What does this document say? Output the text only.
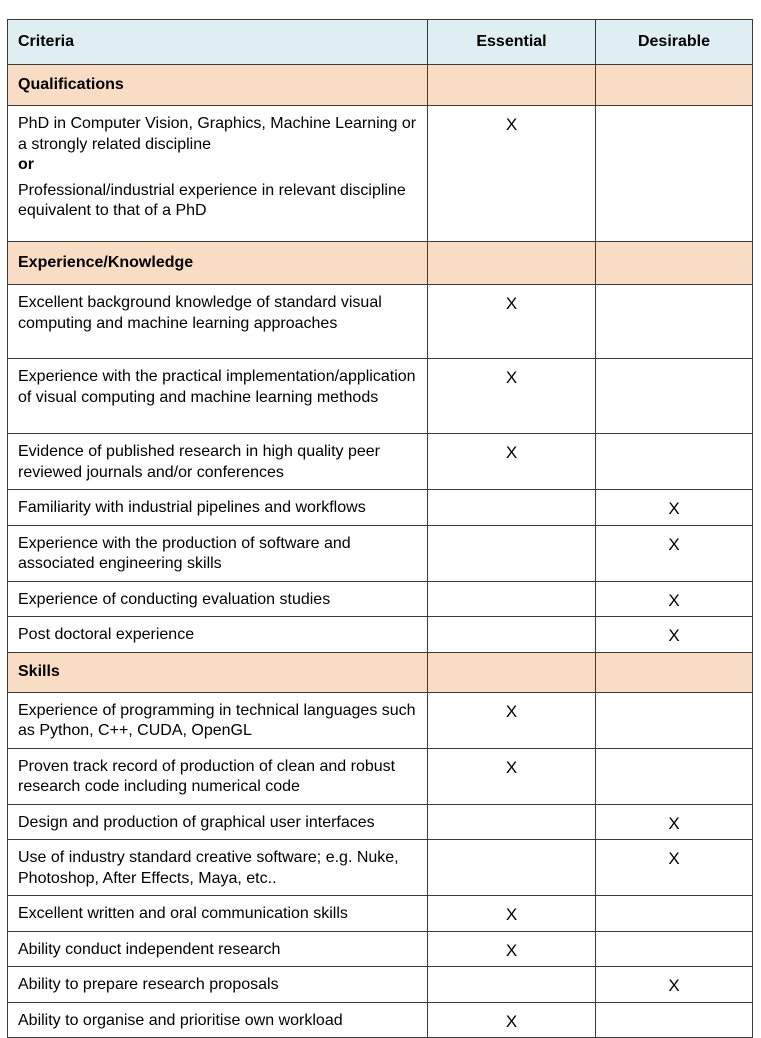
Criteria	Essential	Desirable
Qualifications		
PhD in Computer Vision, Graphics, Machine Learning or a strongly related discipline
or
Professional/industrial experience in relevant discipline equivalent to that of a PhD	X	
Experience/Knowledge		
Excellent background knowledge of standard visual computing and machine learning approaches	X	
Experience with the practical implementation/application of visual computing and machine learning methods	X	
Evidence of published research in high quality peer reviewed journals and/or conferences	X	
Familiarity with industrial pipelines and workflows		X
Experience with the production of software and associated engineering skills		X
Experience of conducting evaluation studies		X
Post doctoral experience		X
Skills		
Experience of programming in technical languages such as Python, C++, CUDA, OpenGL	X	
Proven track record of production of clean and robust research code including numerical code	X	
Design and production of graphical user interfaces		X
Use of industry standard creative software; e.g. Nuke, Photoshop, After Effects, Maya, etc..		X
Excellent written and oral communication skills	X	
Ability conduct independent research	X	
Ability to prepare research proposals		X
Ability to organise and prioritise own workload	X	
